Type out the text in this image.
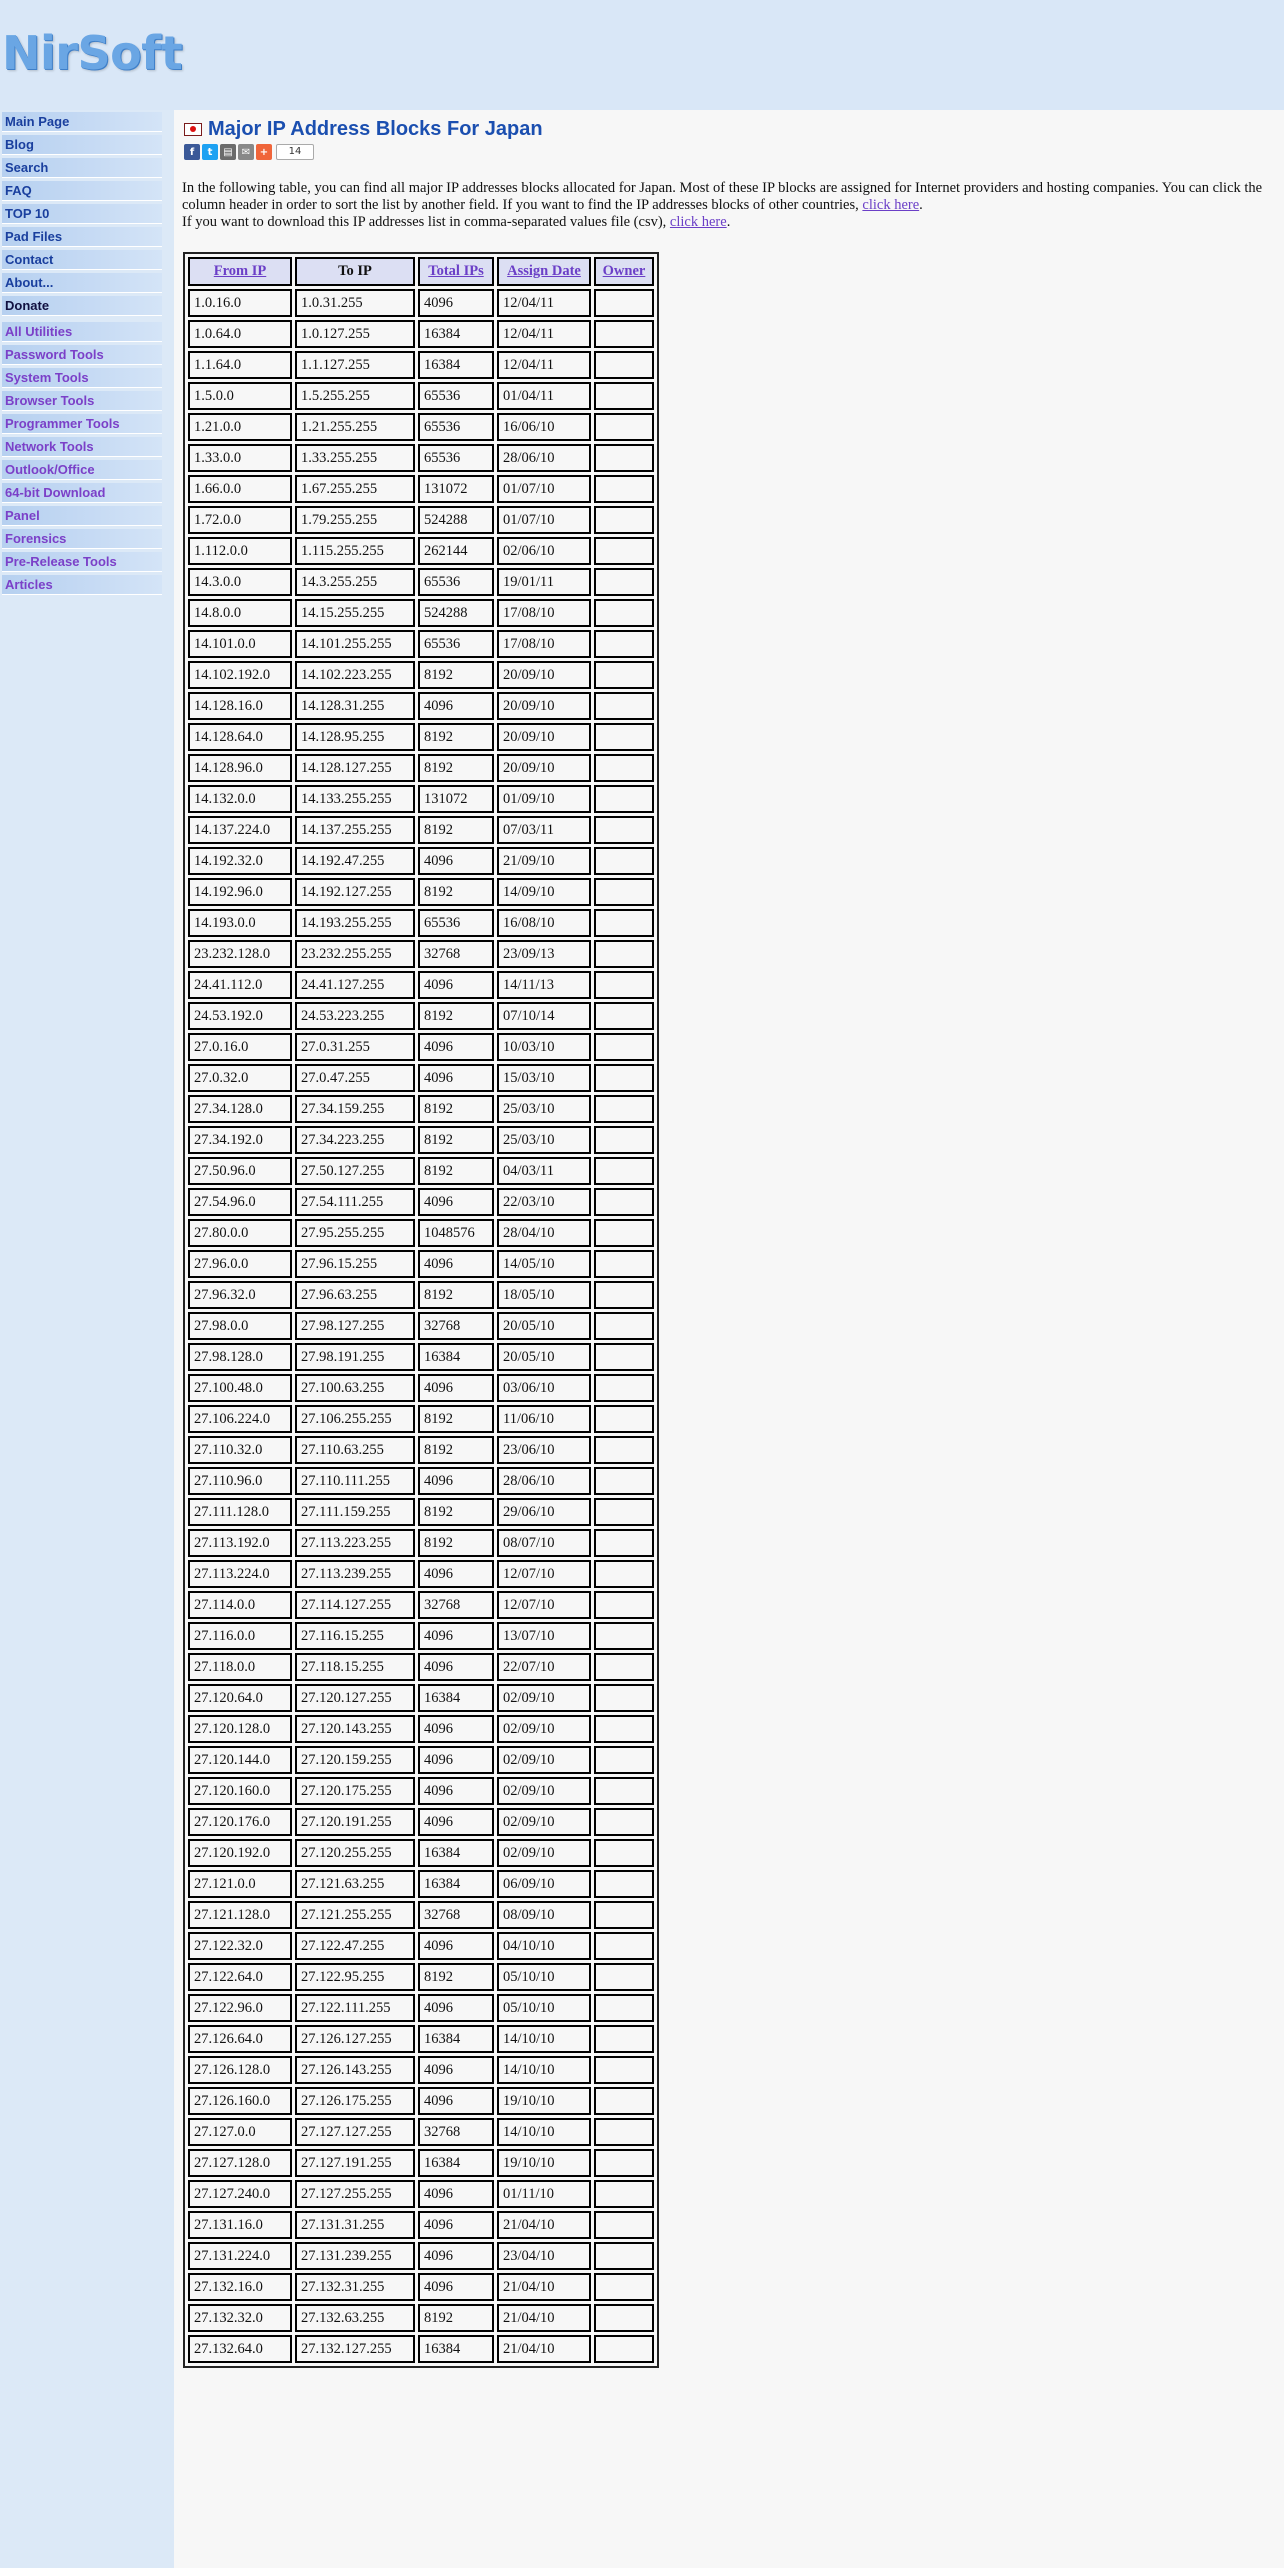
NirSoft
Main Page
Blog
Search
FAQ
TOP 10
Pad Files
Contact
About...
Donate
All Utilities
Password Tools
System Tools
Browser Tools
Programmer Tools
Network Tools
Outlook/Office
64-bit Download
Panel
Forensics
Pre-Release Tools
Articles
Major IP Address Blocks For Japan
f	t	▤ ✉ +	14
In the following table, you can find all major IP addresses blocks allocated for Japan. Most of these IP blocks are assigned for Internet providers and hosting companies. You can click the column header in order to sort the list by another field. If you want to find the IP addresses blocks of other countries, click here.
If you want to download this IP addresses list in comma-separated values file (csv), click here.
From IP	To IP	Total IPs	Assign Date	Owner
1.0.16.0	1.0.31.255	4096	12/04/11	
1.0.64.0	1.0.127.255	16384	12/04/11	
1.1.64.0	1.1.127.255	16384	12/04/11	
1.5.0.0	1.5.255.255	65536	01/04/11	
1.21.0.0	1.21.255.255	65536	16/06/10	
1.33.0.0	1.33.255.255	65536	28/06/10	
1.66.0.0	1.67.255.255	131072	01/07/10	
1.72.0.0	1.79.255.255	524288	01/07/10	
1.112.0.0	1.115.255.255	262144	02/06/10	
14.3.0.0	14.3.255.255	65536	19/01/11	
14.8.0.0	14.15.255.255	524288	17/08/10	
14.101.0.0	14.101.255.255	65536	17/08/10	
14.102.192.0	14.102.223.255	8192	20/09/10	
14.128.16.0	14.128.31.255	4096	20/09/10	
14.128.64.0	14.128.95.255	8192	20/09/10	
14.128.96.0	14.128.127.255	8192	20/09/10	
14.132.0.0	14.133.255.255	131072	01/09/10	
14.137.224.0	14.137.255.255	8192	07/03/11	
14.192.32.0	14.192.47.255	4096	21/09/10	
14.192.96.0	14.192.127.255	8192	14/09/10	
14.193.0.0	14.193.255.255	65536	16/08/10	
23.232.128.0	23.232.255.255	32768	23/09/13	
24.41.112.0	24.41.127.255	4096	14/11/13	
24.53.192.0	24.53.223.255	8192	07/10/14	
27.0.16.0	27.0.31.255	4096	10/03/10	
27.0.32.0	27.0.47.255	4096	15/03/10	
27.34.128.0	27.34.159.255	8192	25/03/10	
27.34.192.0	27.34.223.255	8192	25/03/10	
27.50.96.0	27.50.127.255	8192	04/03/11	
27.54.96.0	27.54.111.255	4096	22/03/10	
27.80.0.0	27.95.255.255	1048576	28/04/10	
27.96.0.0	27.96.15.255	4096	14/05/10	
27.96.32.0	27.96.63.255	8192	18/05/10	
27.98.0.0	27.98.127.255	32768	20/05/10	
27.98.128.0	27.98.191.255	16384	20/05/10	
27.100.48.0	27.100.63.255	4096	03/06/10	
27.106.224.0	27.106.255.255	8192	11/06/10	
27.110.32.0	27.110.63.255	8192	23/06/10	
27.110.96.0	27.110.111.255	4096	28/06/10	
27.111.128.0	27.111.159.255	8192	29/06/10	
27.113.192.0	27.113.223.255	8192	08/07/10	
27.113.224.0	27.113.239.255	4096	12/07/10	
27.114.0.0	27.114.127.255	32768	12/07/10	
27.116.0.0	27.116.15.255	4096	13/07/10	
27.118.0.0	27.118.15.255	4096	22/07/10	
27.120.64.0	27.120.127.255	16384	02/09/10	
27.120.128.0	27.120.143.255	4096	02/09/10	
27.120.144.0	27.120.159.255	4096	02/09/10	
27.120.160.0	27.120.175.255	4096	02/09/10	
27.120.176.0	27.120.191.255	4096	02/09/10	
27.120.192.0	27.120.255.255	16384	02/09/10	
27.121.0.0	27.121.63.255	16384	06/09/10	
27.121.128.0	27.121.255.255	32768	08/09/10	
27.122.32.0	27.122.47.255	4096	04/10/10	
27.122.64.0	27.122.95.255	8192	05/10/10	
27.122.96.0	27.122.111.255	4096	05/10/10	
27.126.64.0	27.126.127.255	16384	14/10/10	
27.126.128.0	27.126.143.255	4096	14/10/10	
27.126.160.0	27.126.175.255	4096	19/10/10	
27.127.0.0	27.127.127.255	32768	14/10/10	
27.127.128.0	27.127.191.255	16384	19/10/10	
27.127.240.0	27.127.255.255	4096	01/11/10	
27.131.16.0	27.131.31.255	4096	21/04/10	
27.131.224.0	27.131.239.255	4096	23/04/10	
27.132.16.0	27.132.31.255	4096	21/04/10	
27.132.32.0	27.132.63.255	8192	21/04/10	
27.132.64.0	27.132.127.255	16384	21/04/10	
